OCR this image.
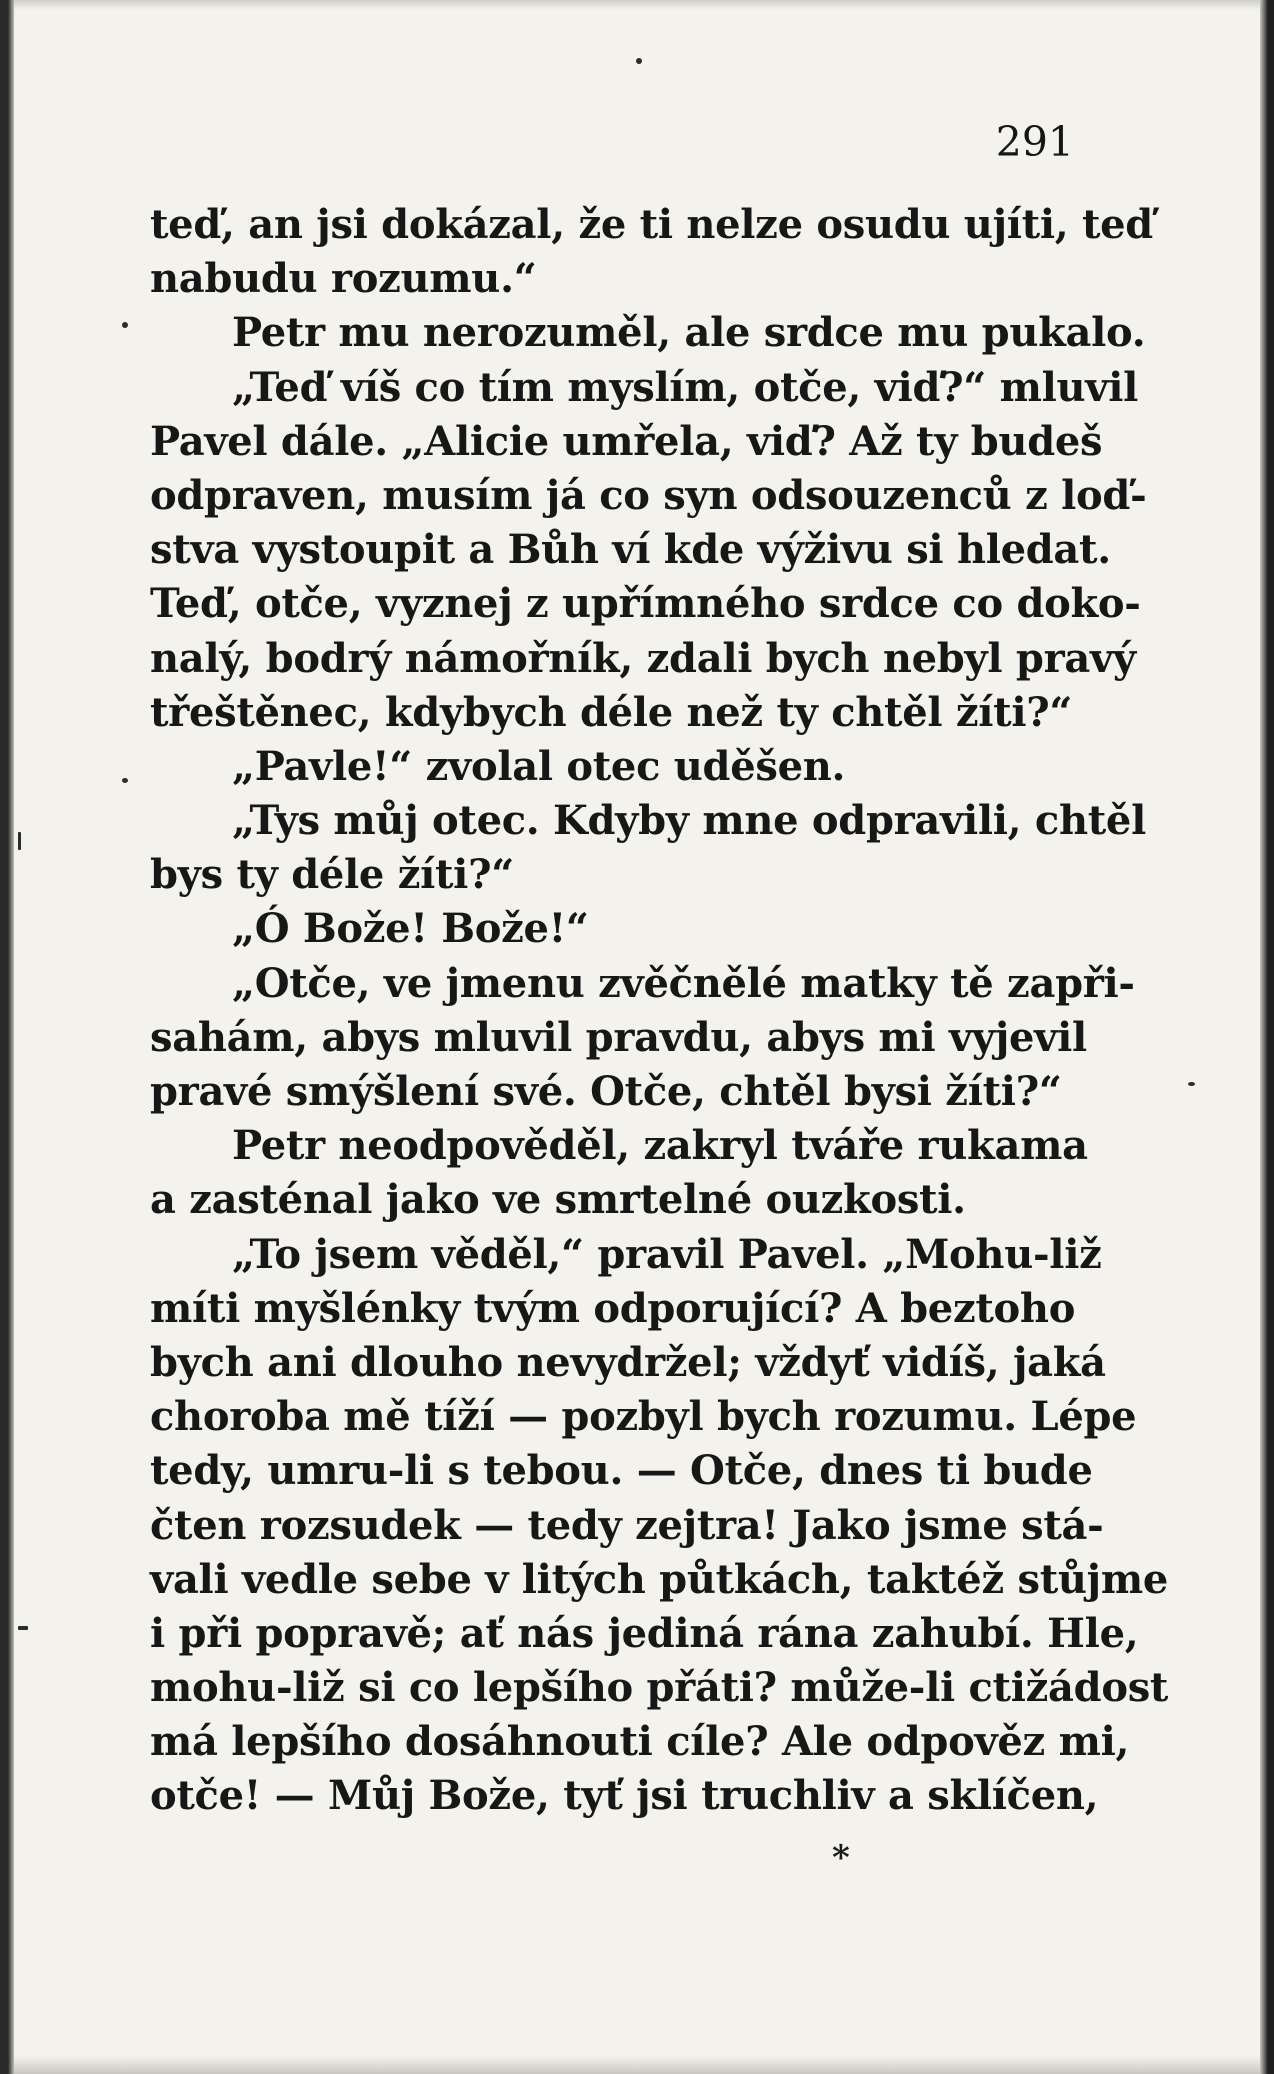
291
teď, an jsi dokázal, že ti nelze osudu ujíti, teď
nabudu rozumu.“
Petr mu nerozuměl, ale srdce mu pukalo.
„Teď víš co tím myslím, otče, viď?“ mluvil
Pavel dále. „Alicie umřela, viď? Až ty budeš
odpraven, musím já co syn odsouzenců z loď-
stva vystoupit a Bůh ví kde výživu si hledat.
Teď, otče, vyznej z upřímného srdce co doko-
nalý, bodrý námořník, zdali bych nebyl pravý
třeštěnec, kdybych déle než ty chtěl žíti?“
„Pavle!“ zvolal otec uděšen.
„Tys můj otec. Kdyby mne odpravili, chtěl
bys ty déle žíti?“
„Ó Bože! Bože!“
„Otče, ve jmenu zvěčnělé matky tě zapři-
sahám, abys mluvil pravdu, abys mi vyjevil
pravé smýšlení své. Otče, chtěl bysi žíti?“
Petr neodpověděl, zakryl tváře rukama
a zasténal jako ve smrtelné ouzkosti.
„To jsem věděl,“ pravil Pavel. „Mohu-liž
míti myšlénky tvým odporující? A beztoho
bych ani dlouho nevydržel; vždyť vidíš, jaká
choroba mě tíží — pozbyl bych rozumu. Lépe
tedy, umru-li s tebou. — Otče, dnes ti bude
čten rozsudek — tedy zejtra! Jako jsme stá-
vali vedle sebe v litých půtkách, taktéž stůjme
i při popravě; ať nás jediná rána zahubí. Hle,
mohu-liž si co lepšího přáti? může-li ctižádost
má lepšího dosáhnouti cíle? Ale odpověz mi,
otče! — Můj Bože, tyť jsi truchliv a sklíčen,
*
